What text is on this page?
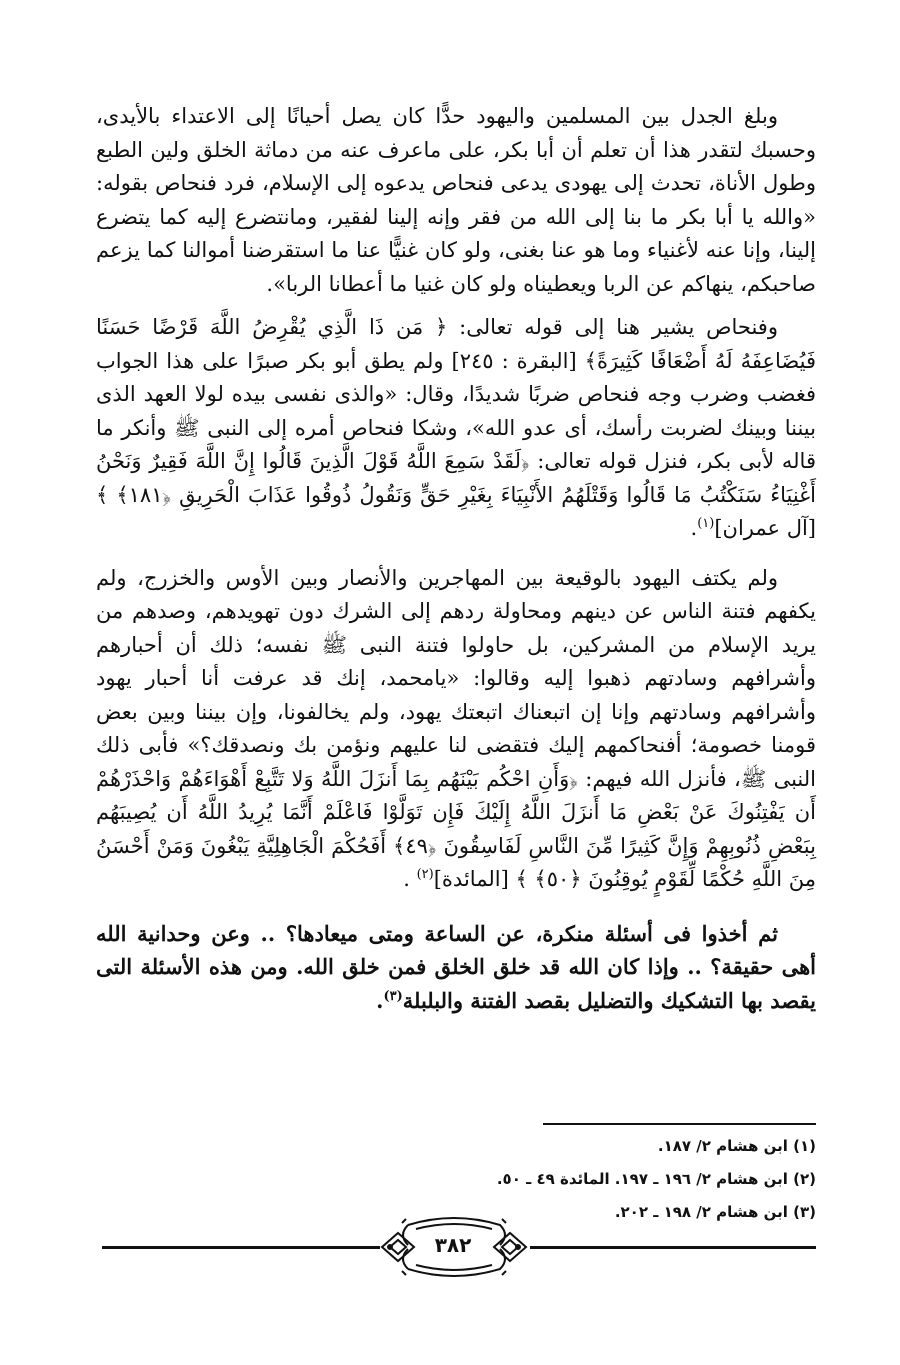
وبلغ الجدل بين المسلمين واليهود حدًّا كان يصل أحيانًا إلى الاعتداء بالأيدى، وحسبك لتقدر هذا أن تعلم أن أبا بكر، على ماعرف عنه من دماثة الخلق ولين الطبع وطول الأناة، تحدث إلى يهودى يدعى فنحاص يدعوه إلى الإسلام، فرد فنحاص بقوله: «والله يا أبا بكر ما بنا إلى الله من فقر وإنه إلينا لفقير، ومانتضرع إليه كما يتضرع إلينا، وإنا عنه لأغنياء وما هو عنا بغنى، ولو كان غنيًّا عنا ما استقرضنا أموالنا كما يزعم صاحبكم، ينهاكم عن الربا ويعطيناه ولو كان غنيا ما أعطانا الربا».

وفنحاص يشير هنا إلى قوله تعالى: ﴿ مَن ذَا الَّذِي يُقْرِضُ اللَّهَ قَرْضًا حَسَنًا فَيُضَاعِفَهُ لَهُ أَضْعَافًا كَثِيرَةً﴾ [البقرة : ٢٤٥] ولم يطق أبو بكر صبرًا على هذا الجواب فغضب وضرب وجه فنحاص ضربًا شديدًا، وقال: «والذى نفسى بيده لولا العهد الذى بيننا وبينك لضربت رأسك، أى عدو الله»، وشكا فنحاص أمره إلى النبى ﷺ وأنكر ما قاله لأبى بكر، فنزل قوله تعالى: ﴿لَقَدْ سَمِعَ اللَّهُ قَوْلَ الَّذِينَ قَالُوا إِنَّ اللَّهَ فَقِيرٌ وَنَحْنُ أَغْنِيَاءُ سَنَكْتُبُ مَا قَالُوا وَقَتْلَهُمُ الأَنْبِيَاءَ بِغَيْرِ حَقٍّ وَنَقُولُ ذُوقُوا عَذَابَ الْحَرِيقِ ﴿١٨١﴾ ﴾[آل عمران]$^{(١)}$.

ولم يكتف اليهود بالوقيعة بين المهاجرين والأنصار وبين الأوس والخزرج، ولم يكفهم فتنة الناس عن دينهم ومحاولة ردهم إلى الشرك دون تهويدهم، وصدهم من يريد الإسلام من المشركين، بل حاولوا فتنة النبى ﷺ نفسه؛ ذلك أن أحبارهم وأشرافهم وسادتهم ذهبوا إليه وقالوا: «يامحمد، إنك قد عرفت أنا أحبار يهود وأشرافهم وسادتهم وإنا إن اتبعناك اتبعتك يهود، ولم يخالفونا، وإن بيننا وبين بعض قومنا خصومة؛ أفنحاكمهم إليك فتقضى لنا عليهم ونؤمن بك ونصدقك؟» فأبى ذلك النبى ﷺ، فأنزل الله فيهم: ﴿وَأَنِ احْكُم بَيْنَهُم بِمَا أَنزَلَ اللَّهُ وَلا تَتَّبِعْ أَهْوَاءَهُمْ وَاحْذَرْهُمْ أَن يَفْتِنُوكَ عَنْ بَعْضِ مَا أَنزَلَ اللَّهُ إِلَيْكَ فَإِن تَوَلَّوْا فَاعْلَمْ أَنَّمَا يُرِيدُ اللَّهُ أَن يُصِيبَهُم بِبَعْضِ ذُنُوبِهِمْ وَإِنَّ كَثِيرًا مِّنَ النَّاسِ لَفَاسِقُونَ ﴿٤٩﴾ أَفَحُكْمَ الْجَاهِلِيَّةِ يَبْغُونَ وَمَنْ أَحْسَنُ مِنَ اللَّهِ حُكْمًا لِّقَوْمٍ يُوقِنُونَ ﴿٥٠﴾ ﴾ [المائدة]$^{(٢)}$ .

ثم أخذوا فى أسئلة منكرة، عن الساعة ومتى ميعادها؟ .. وعن وحدانية الله أهى حقيقة؟ .. وإذا كان الله قد خلق الخلق فمن خلق الله. ومن هذه الأسئلة التى يقصد بها التشكيك والتضليل بقصد الفتنة والبلبلة$^{(٣)}$.

(١) ابن هشام ٢/ ١٨٧.
(٢) ابن هشام ٢/ ١٩٦ ـ ١٩٧. المائدة ٤٩ ـ ٥٠.
(٣) ابن هشام ٢/ ١٩٨ ـ ٢٠٢.
٣٨٢
